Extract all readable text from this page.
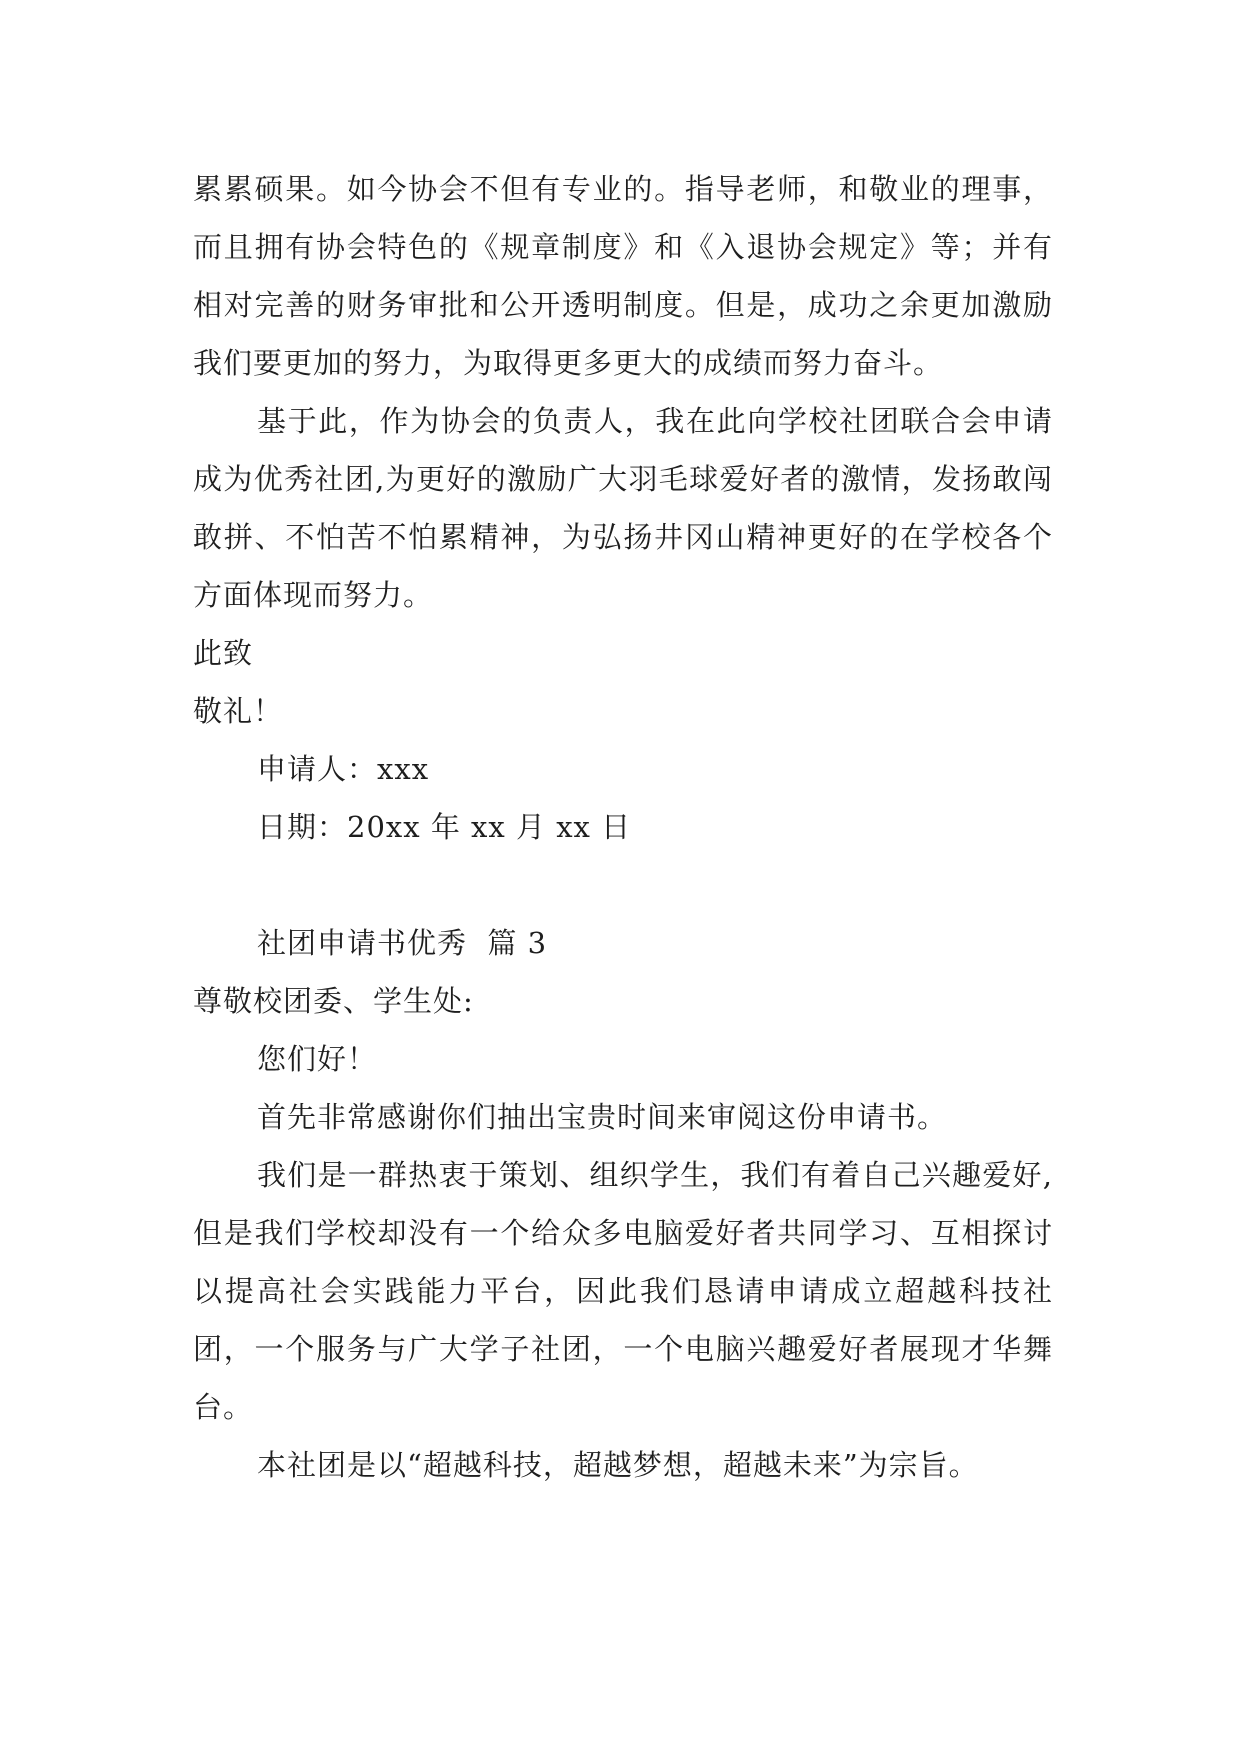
累累硕果。如今协会不但有专业的。指导老师，和敬业的理事，而且拥有协会特色的《规章制度》和《入退协会规定》等；并有相对完善的财务审批和公开透明制度。但是，成功之余更加激励我们要更加的努力，为取得更多更大的成绩而努力奋斗。

基于此，作为协会的负责人，我在此向学校社团联合会申请成为优秀社团,为更好的激励广大羽毛球爱好者的激情，发扬敢闯敢拼、不怕苦不怕累精神，为弘扬井冈山精神更好的在学校各个方面体现而努力。

此致

敬礼！

申请人：xxx

日期：20xx 年 xx 月 xx 日

社团申请书优秀  篇 3

尊敬校团委、学生处:

您们好！

首先非常感谢你们抽出宝贵时间来审阅这份申请书。

我们是一群热衷于策划、组织学生，我们有着自己兴趣爱好,但是我们学校却没有一个给众多电脑爱好者共同学习、互相探讨以提高社会实践能力平台，因此我们恳请申请成立超越科技社团，一个服务与广大学子社团，一个电脑兴趣爱好者展现才华舞台。

本社团是以“超越科技，超越梦想，超越未来”为宗旨。
